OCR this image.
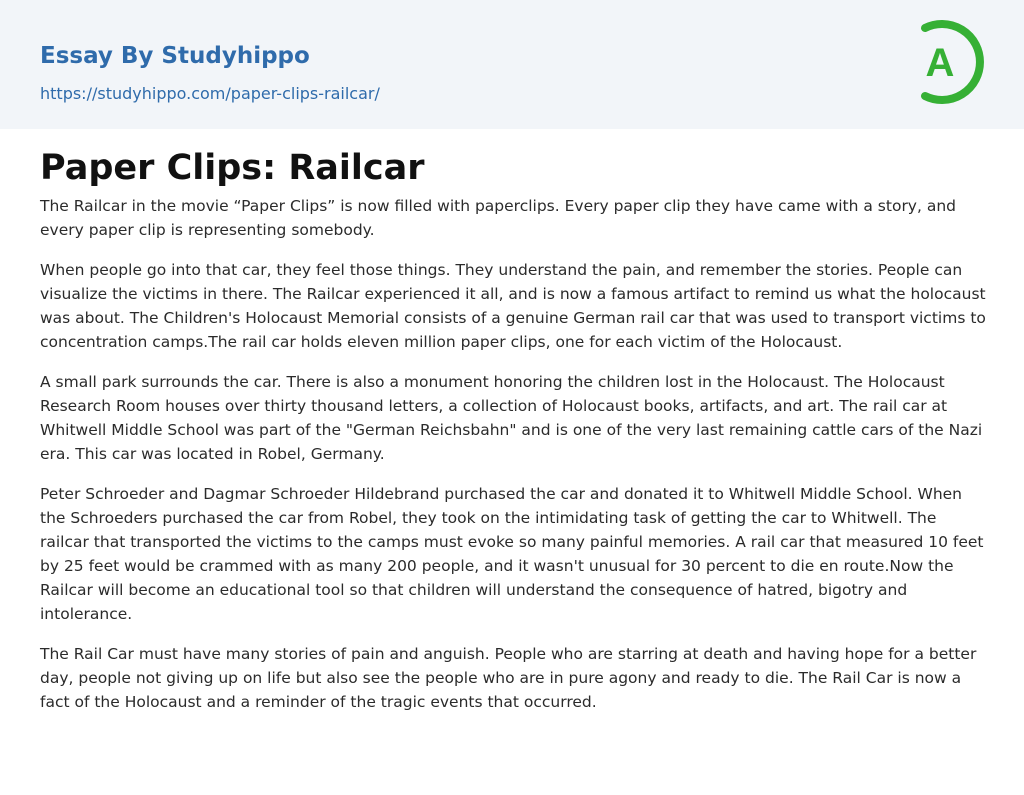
Essay By Studyhippo
https://studyhippo.com/paper-clips-railcar/
A
Paper Clips: Railcar

The Railcar in the movie “Paper Clips” is now filled with paperclips. Every paper clip they have came with a story, and every paper clip is representing somebody.

When people go into that car, they feel those things. They understand the pain, and remember the stories. People can visualize the victims in there. The Railcar experienced it all, and is now a famous artifact to remind us what the holocaust was about. The Children's Holocaust Memorial consists of a genuine German rail car that was used to transport victims to concentration camps.The rail car holds eleven million paper clips, one for each victim of the Holocaust.

A small park surrounds the car. There is also a monument honoring the children lost in the Holocaust. The Holocaust Research Room houses over thirty thousand letters, a collection of Holocaust books, artifacts, and art. The rail car at Whitwell Middle School was part of the "German Reichsbahn" and is one of the very last remaining cattle cars of the Nazi era. This car was located in Robel, Germany.

Peter Schroeder and Dagmar Schroeder Hildebrand purchased the car and donated it to Whitwell Middle School. When the Schroeders purchased the car from Robel, they took on the intimidating task of getting the car to Whitwell. The railcar that transported the victims to the camps must evoke so many painful memories. A rail car that measured 10 feet by 25 feet would be crammed with as many 200 people, and it wasn't unusual for 30 percent to die en route.Now the Railcar will become an educational tool so that children will understand the consequence of hatred, bigotry and intolerance.

The Rail Car must have many stories of pain and anguish. People who are starring at death and having hope for a better day, people not giving up on life but also see the people who are in pure agony and ready to die. The Rail Car is now a fact of the Holocaust and a reminder of the tragic events that occurred.
